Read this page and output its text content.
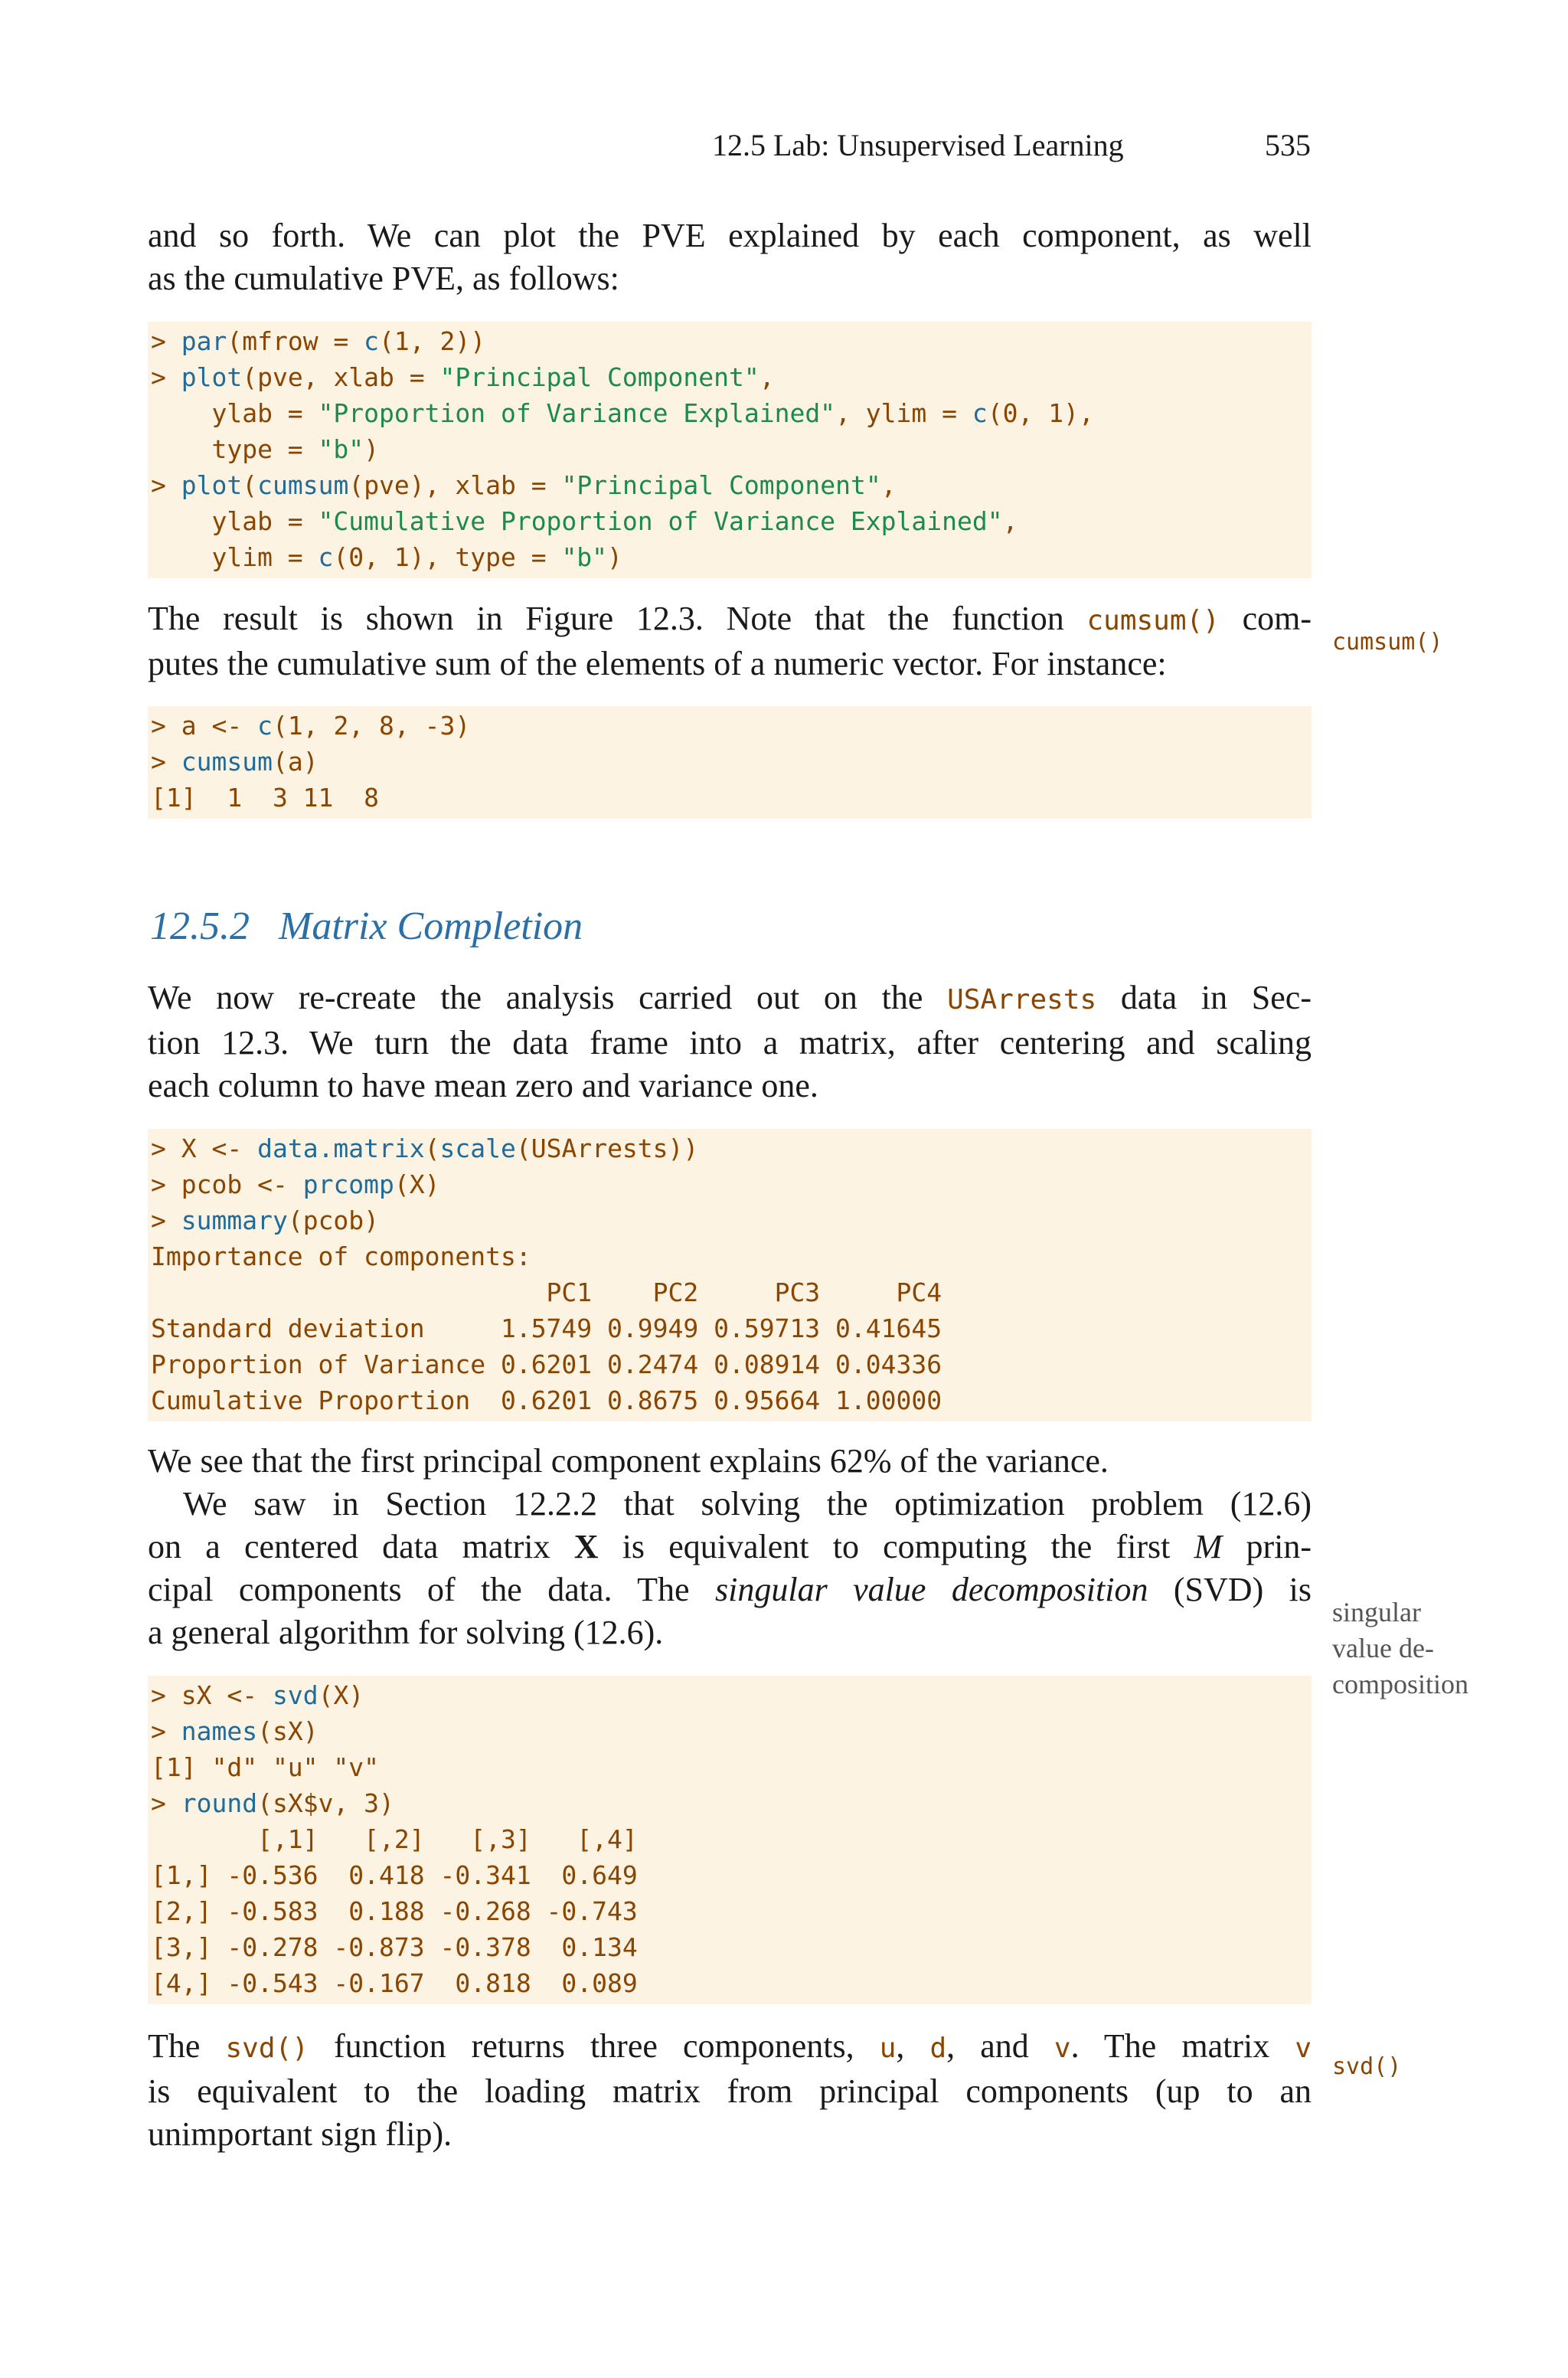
12.5 Lab: Unsupervised Learning	535
and so forth. We can plot the PVE explained by each component, as well
as the cumulative PVE, as follows:
> par(mfrow = c(1, 2))
> plot(pve, xlab = "Principal Component",
ylab = "Proportion of Variance Explained", ylim = c(0, 1),
type = "b")
> plot(cumsum(pve), xlab = "Principal Component",
ylab = "Cumulative Proportion of Variance Explained",
ylim = c(0, 1), type = "b")
The result is shown in Figure 12.3. Note that the function cumsum() com-
putes the cumulative sum of the elements of a numeric vector. For instance:
cumsum()
> a <- c(1, 2, 8, -3)
> cumsum(a)
[1]  1  3 11  8
12.5.2 Matrix Completion
We now re-create the analysis carried out on the USArrests data in Sec-
tion 12.3. We turn the data frame into a matrix, after centering and scaling
each column to have mean zero and variance one.
> X <- data.matrix(scale(USArrests))
> pcob <- prcomp(X)
> summary(pcob)
Importance of components:
PC1    PC2     PC3     PC4
Standard deviation     1.5749 0.9949 0.59713 0.41645
Proportion of Variance 0.6201 0.2474 0.08914 0.04336
Cumulative Proportion  0.6201 0.8675 0.95664 1.00000
We see that the first principal component explains 62% of the variance.
We saw in Section 12.2.2 that solving the optimization problem (12.6)
on a centered data matrix X is equivalent to computing the first M prin-
cipal components of the data. The singular value decomposition (SVD) is
a general algorithm for solving (12.6).
singular
value de-
composition
> sX <- svd(X)
> names(sX)
[1] "d" "u" "v"
> round(sX$v, 3)
[,1]   [,2]   [,3]   [,4]
[1,] -0.536  0.418 -0.341  0.649
[2,] -0.583  0.188 -0.268 -0.743
[3,] -0.278 -0.873 -0.378  0.134
[4,] -0.543 -0.167  0.818  0.089
The svd() function returns three components, u, d, and v. The matrix v
is equivalent to the loading matrix from principal components (up to an
unimportant sign flip).
svd()
